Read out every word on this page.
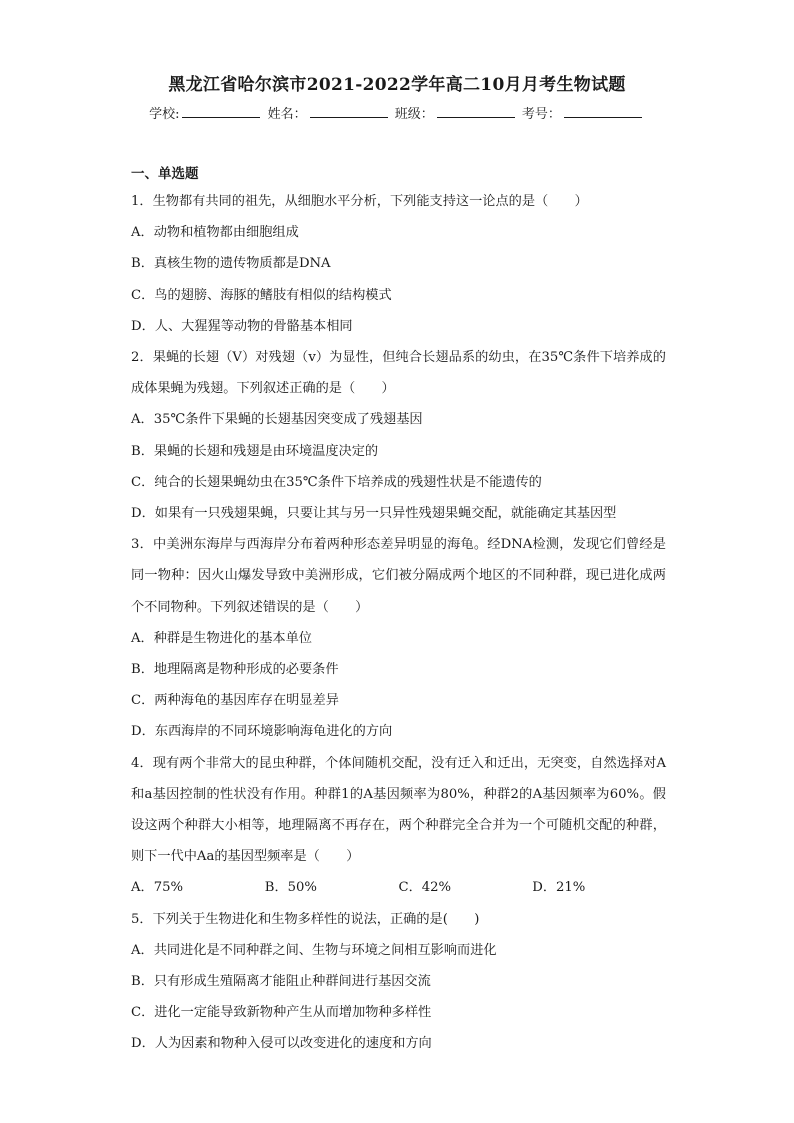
黑龙江省哈尔滨市2021-2022学年高二10月月考生物试题
学校:	姓名：	班级：	考号：
一、单选题

1．生物都有共同的祖先，从细胞水平分析，下列能支持这一论点的是（　　）

A．动物和植物都由细胞组成

B．真核生物的遗传物质都是DNA

C．鸟的翅膀、海豚的鳍肢有相似的结构模式

D．人、大猩猩等动物的骨骼基本相同

2．果蝇的长翅（V）对残翅（v）为显性，但纯合长翅品系的幼虫，在35℃条件下培养成的成体果蝇为残翅。下列叙述正确的是（　　）

A．35℃条件下果蝇的长翅基因突变成了残翅基因

B．果蝇的长翅和残翅是由环境温度决定的

C．纯合的长翅果蝇幼虫在35℃条件下培养成的残翅性状是不能遗传的

D．如果有一只残翅果蝇，只要让其与另一只异性残翅果蝇交配，就能确定其基因型

3．中美洲东海岸与西海岸分布着两种形态差异明显的海龟。经DNA检测，发现它们曾经是同一物种：因火山爆发导致中美洲形成，它们被分隔成两个地区的不同种群，现已进化成两个不同物种。下列叙述错误的是（　　）

A．种群是生物进化的基本单位

B．地理隔离是物种形成的必要条件

C．两种海龟的基因库存在明显差异

D．东西海岸的不同环境影响海龟进化的方向

4．现有两个非常大的昆虫种群，个体间随机交配，没有迁入和迁出，无突变，自然选择对A和a基因控制的性状没有作用。种群1的A基因频率为80%，种群2的A基因频率为60%。假设这两个种群大小相等，地理隔离不再存在，两个种群完全合并为一个可随机交配的种群，则下一代中Aa的基因型频率是（　　）

A．75%	B．50%	C．42%	D．21%

5．下列关于生物进化和生物多样性的说法，正确的是(　　)

A．共同进化是不同种群之间、生物与环境之间相互影响而进化

B．只有形成生殖隔离才能阻止种群间进行基因交流

C．进化一定能导致新物种产生从而增加物种多样性

D．人为因素和物种入侵可以改变进化的速度和方向
